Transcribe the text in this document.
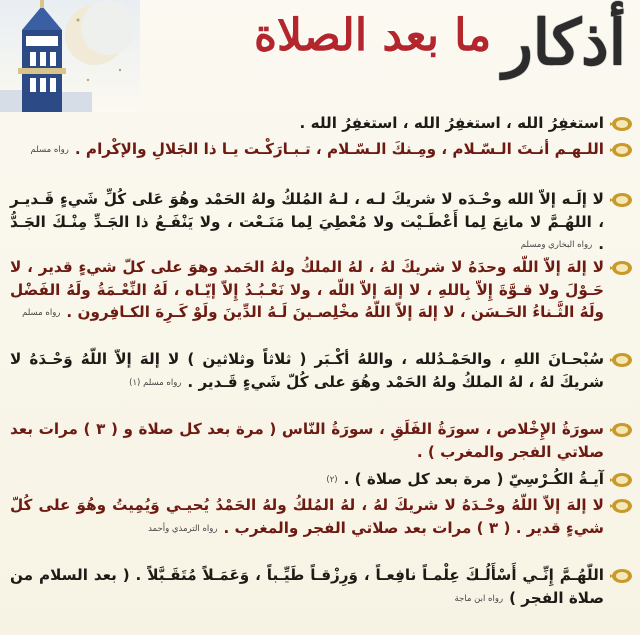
أذكار ما بعد الصلاة
استغفِرُ الله ، استغفِرُ الله ، استغفِرُ الله .
اللـهـم أنـتَ الـسّـلام ، ومِـنكَ الـسّـلام ، تـبـارَكْـت يـا ذا الجَلالِ والإكْرام .رواه مسلم
لا إلَـه إلاّ الله وحْـدَه لا شريكَ لـه ، لـهُ المُلكُ ولهُ الحَمْد وهُوَ عَلى كُلِّ شَيءٍ قَـديـر ، اللهُـمَّ لا مانِعَ لِما أَعْطَـيْت ولا مُعْطِيَ لِما مَنَـعْت ، ولا يَنْفَـعُ ذا الجَـدِّ مِنْـكَ الجَـدُّ .رواه البخاري ومسلم
لا إلهَ إلاّ اللّه وحدَهُ لا شريكَ لهُ ، لهُ الملكُ ولهُ الحَمد وهوَ على كلّ شيءٍ قدير ، لا حَـوْلَ ولا قـوَّةَ إِلاّ بِاللهِ ، لا إلهَ إلاّ اللّه ، ولا نَعْـبُـدُ إِلاّ إيّـاه ، لَهُ النِّعْـمَةُ ولَهُ الفَضْل ولَهُ الثَّـناءُ الحَـسَن ، لا إلهَ إلاّ اللّهُ مخْلِصـينَ لَـهُ الدِّينَ ولَوْ كَـرِهَ الكـافِرون .رواه مسلم
سُبْحـانَ اللهِ ، والحَمْـدُلله ، واللهُ أكْـبَر ( ثلاثاً وثلاثين ) لا إلهَ إلاّ اللّهُ وَحْـدَهُ لا شريكَ لهُ ، لهُ الملكُ ولهُ الحَمْد وهُوَ على كُلّ شَيءٍ قَـدير .رواه مسلم (١)
سورَةُ الإِخْلاص ، سورَةُ الفَلَقِ ، سورَةُ النّاس ( مرة بعد كل صلاة و ( ٣ ) مرات بعد صلاتي الفجر والمغرب ) .
آيـةُ الكُـرْسِيّ ( مرة بعد كل صلاة ) .(٢)
لا إلهَ إلاّ اللّهُ وحْـدَهُ لا شريكَ لهُ ، لهُ المُلكُ ولهُ الحَمْدُ يُحيـي وَيُمِيتُ وهُوَ على كُلّ شيءٍ قدير . ( ٣ ) مرات بعد صلاتي الفجر والمغرب .رواه الترمذي وأحمد
اللّهُـمَّ إِنِّـي أَسْأَلُـكَ عِلْمـاً نافِعـاً ، وَرِزْقـاً طَيِّـباً ، وَعَمَـلاً مُتَقَـبَّلاً . ( بعد السلام من صلاة الفجر )رواه ابن ماجة
